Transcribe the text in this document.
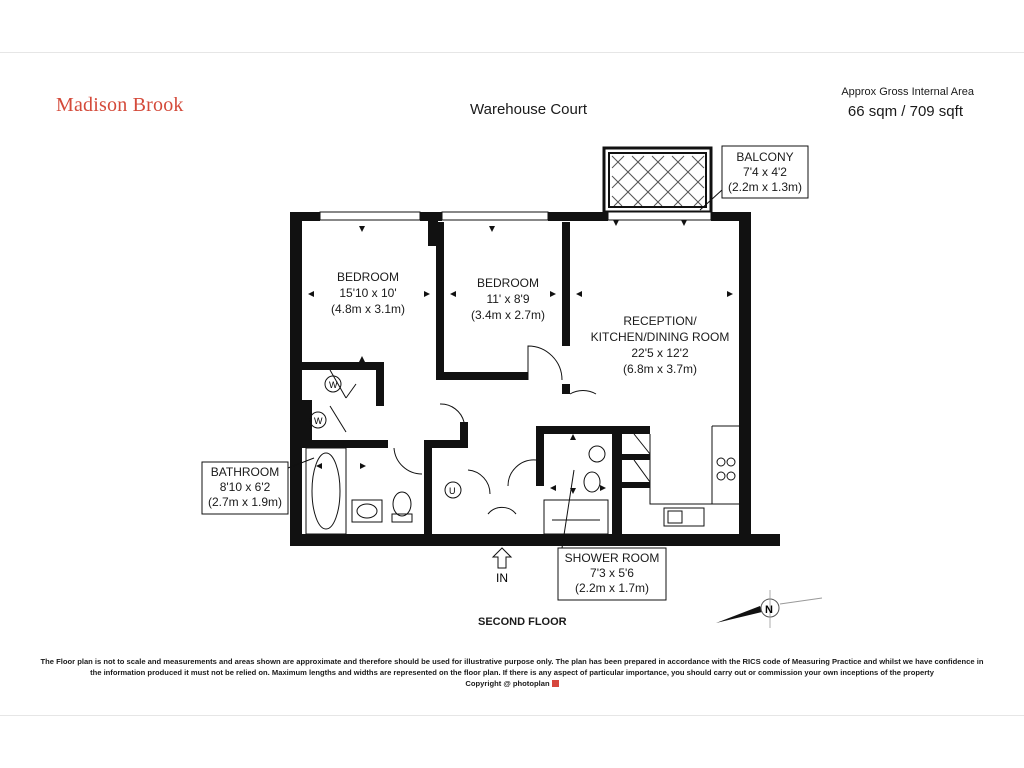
Madison Brook	Warehouse Court
Approx Gross Internal Area
66 sqm / 709 sqft
W
W
U
IN
BEDROOM
15'10 x 10'
(4.8m x 3.1m)
BEDROOM
11' x 8'9
(3.4m x 2.7m)	RECEPTION/
KITCHEN/DINING ROOM
22'5 x 12'2
(6.8m x 3.7m)
BALCONY
7'4 x 4'2
(2.2m x 1.3m)
BATHROOM
8'10 x 6'2
(2.7m x 1.9m)
SHOWER ROOM
7'3 x 5'6
(2.2m x 1.7m)
N
SECOND FLOOR
The Floor plan is not to scale and measurements and areas shown are approximate and therefore should be used for illustrative purpose only. The plan has been prepared in accordance with the RICS code of Measuring Practice and whilst we have confidence in the information produced it must not be relied on. Maximum lengths and widths are represented on the floor plan. If there is any aspect of particular importance, you should carry out or commission your own inceptions of the property
Copyright @ photoplan
